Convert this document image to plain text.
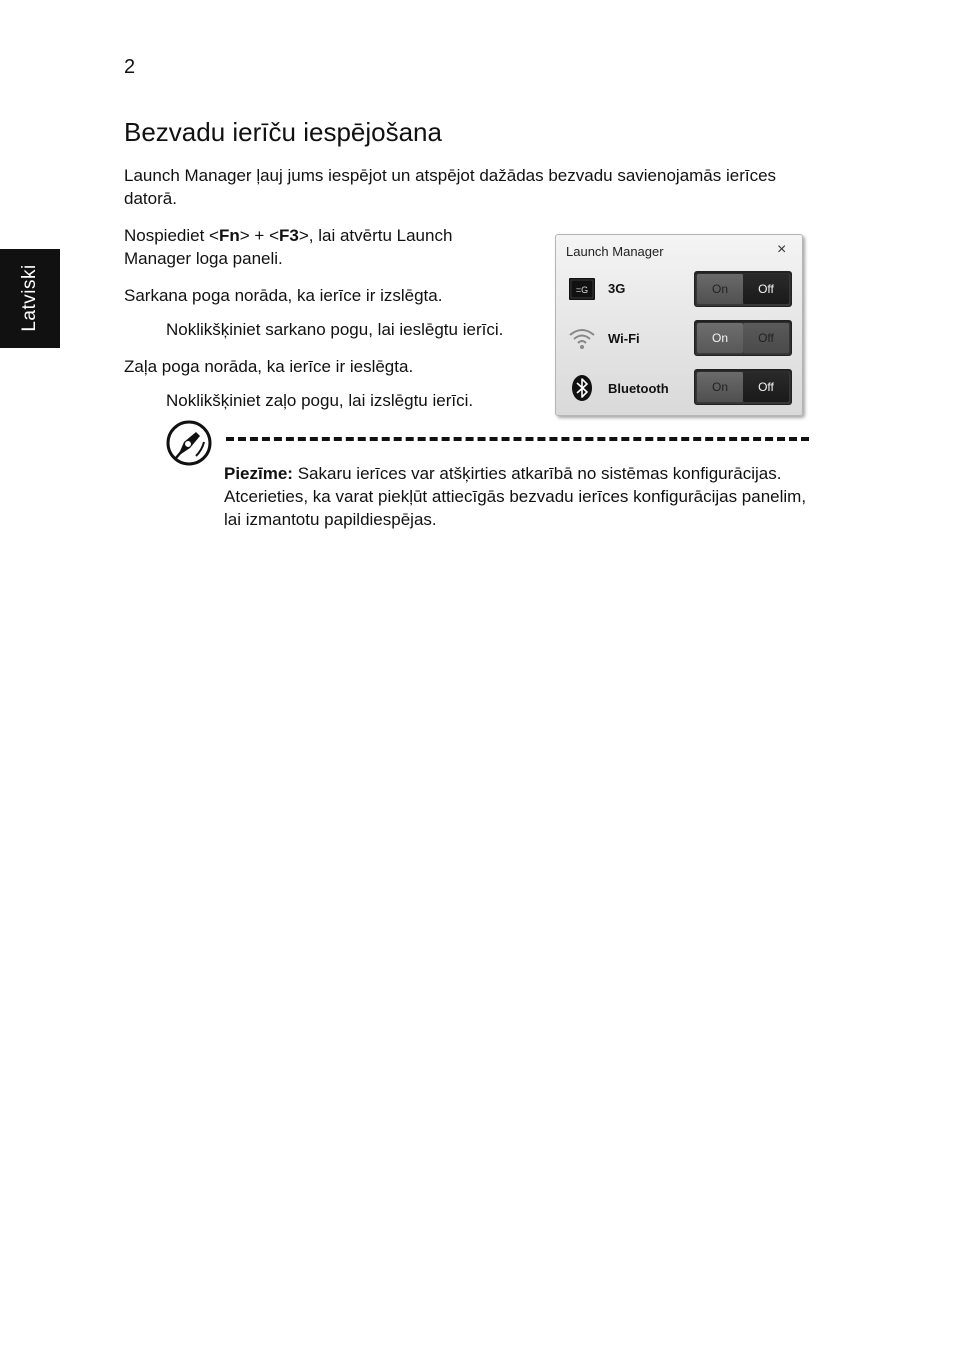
2
Latviski
Bezvadu ierīču iespējošana
Launch Manager ļauj jums iespējot un atspējot dažādas bezvadu savienojamās ierīces datorā.
Nospiediet <Fn> + <F3>, lai atvērtu Launch Manager loga paneli.
Sarkana poga norāda, ka ierīce ir izslēgta.
Noklikšķiniet sarkano pogu, lai ieslēgtu ierīci.
Zaļa poga norāda, ka ierīce ir ieslēgta.
Noklikšķiniet zaļo pogu, lai izslēgtu ierīci.
Launch Manager	×
=G 3G	On	Off
Wi-Fi	On	Off
Bluetooth	On	Off
Piezīme: Sakaru ierīces var atšķirties atkarībā no sistēmas konfigurācijas. Atcerieties, ka varat piekļūt attiecīgās bezvadu ierīces konfigurācijas panelim, lai izmantotu papildiespējas.
